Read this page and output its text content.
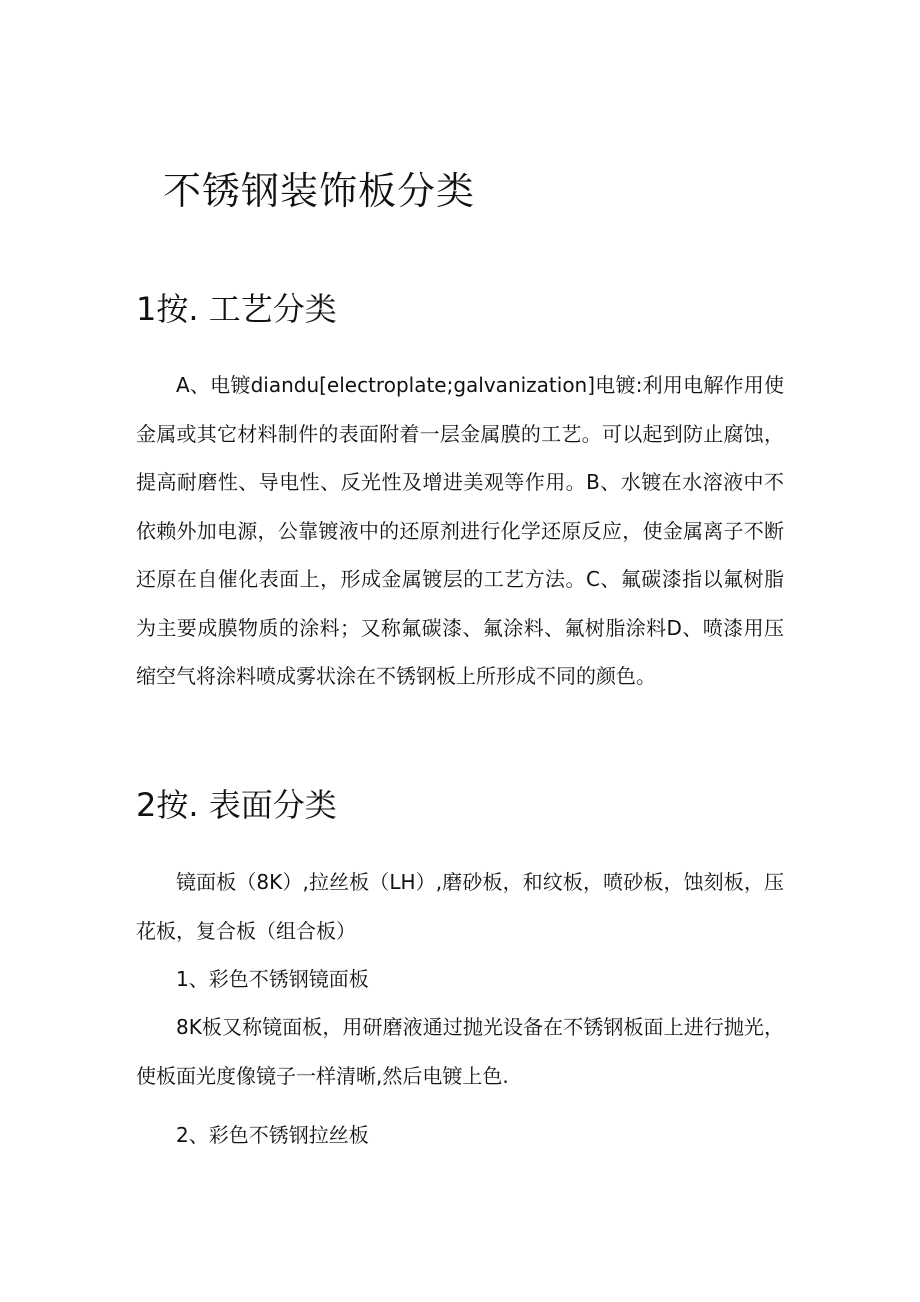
不锈钢装饰板分类
1按. 工艺分类

A、电镀diandu[electroplate;galvanization]电镀:利用电解作用使金属或其它材料制件的表面附着一层金属膜的工艺。可以起到防止腐蚀，提高耐磨性、导电性、反光性及增进美观等作用。B、水镀在水溶液中不依赖外加电源，公靠镀液中的还原剂进行化学还原反应，使金属离子不断还原在自催化表面上，形成金属镀层的工艺方法。C、氟碳漆指以氟树脂为主要成膜物质的涂料；又称氟碳漆、氟涂料、氟树脂涂料D、喷漆用压缩空气将涂料喷成雾状涂在不锈钢板上所形成不同的颜色。

2按. 表面分类

镜面板（8K）,拉丝板（LH）,磨砂板，和纹板，喷砂板，蚀刻板，压花板，复合板（组合板）

1、彩色不锈钢镜面板

8K板又称镜面板，用研磨液通过抛光设备在不锈钢板面上进行抛光，使板面光度像镜子一样清晰,然后电镀上色.

2、彩色不锈钢拉丝板
